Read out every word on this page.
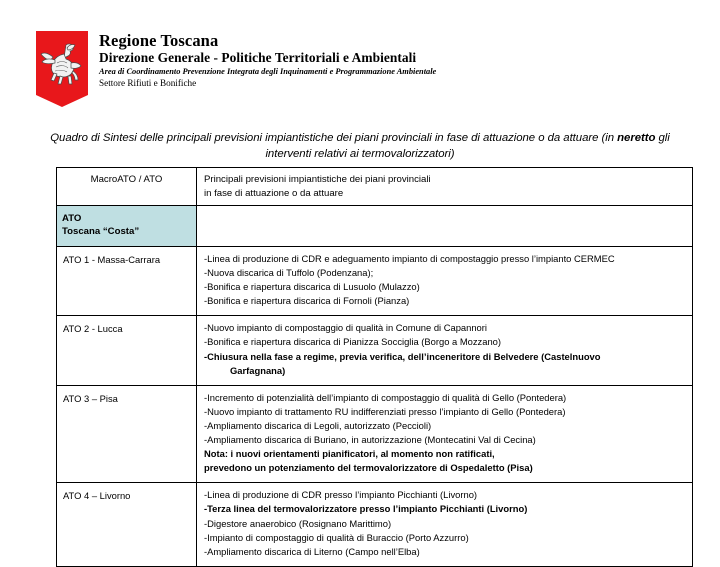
Regione Toscana
Direzione Generale - Politiche Territoriali e Ambientali
Area di Coordinamento Prevenzione Integrata degli Inquinamenti e Programmazione Ambientale
Settore Rifiuti e Bonifiche
Quadro di Sintesi delle principali previsioni impiantistiche dei piani provinciali in fase di attuazione o da attuare (in neretto gli interventi relativi ai termovalorizzatori)
MacroATO / ATO	Principali previsioni impiantistiche dei piani provinciali
in fase di attuazione o da attuare

ATO
Toscana “Costa”	

ATO 1 - Massa-Carrara	-Linea di produzione di CDR e adeguamento impianto di compostaggio presso l’impianto CERMEC
-Nuova discarica di Tuffolo (Podenzana);
-Bonifica e riapertura discarica di Lusuolo (Mulazzo)
-Bonifica e riapertura discarica di Fornoli (Pianza)

ATO 2 - Lucca	-Nuovo impianto di compostaggio di qualità in Comune di Capannori
-Bonifica e riapertura discarica di Pianizza Socciglia (Borgo a Mozzano)
-Chiusura nella fase a regime, previa verifica, dell’inceneritore di Belvedere (Castelnuovo
Garfagnana)

ATO 3 – Pisa	-Incremento di potenzialità dell’impianto di compostaggio di qualità di Gello (Pontedera)
-Nuovo impianto di trattamento RU indifferenziati presso l’impianto di Gello (Pontedera)
-Ampliamento discarica di Legoli, autorizzato (Peccioli)
-Ampliamento discarica di Buriano, in autorizzazione (Montecatini Val di Cecina)
Nota: i nuovi orientamenti pianificatori, al momento non ratificati,
prevedono un potenziamento del termovalorizzatore di Ospedaletto (Pisa)

ATO 4 – Livorno	-Linea di produzione di CDR presso l’impianto Picchianti (Livorno)
-Terza linea del termovalorizzatore presso l’impianto Picchianti (Livorno)
-Digestore anaerobico (Rosignano Marittimo)
-Impianto di compostaggio di qualità di Buraccio (Porto Azzurro)
-Ampliamento discarica di Literno (Campo nell’Elba)
